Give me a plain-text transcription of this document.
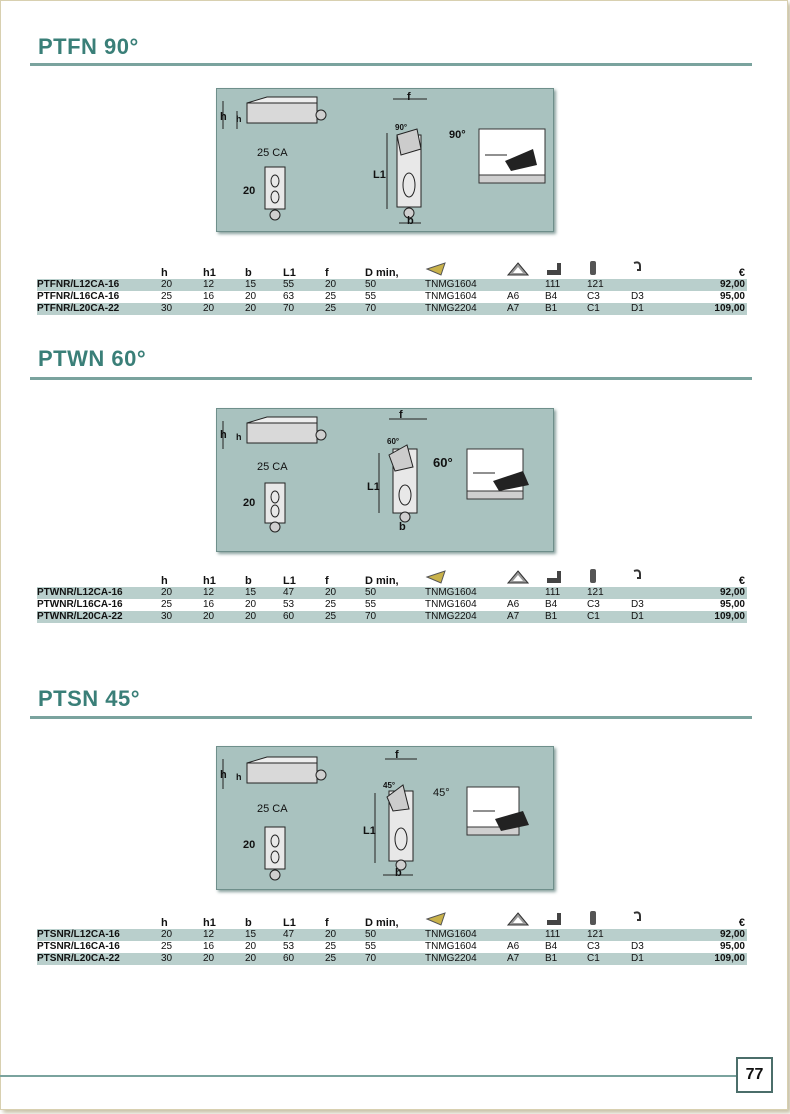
PTFN 90°
25 CA
90°
90°
h h
20
L1
f
b
	h	h1	b	L1	f	D min,						€
PTFNR/L12CA-16	20	12	15	55	20	50	TNMG1604		111	121		92,00
PTFNR/L16CA-16	25	16	20	63	25	55	TNMG1604	A6	B4	C3	D3	95,00
PTFNR/L20CA-22	30	20	20	70	25	70	TNMG2204	A7	B1	C1	D1	109,00
PTWN 60°
25 CA	60°
60°
h h
20
L1
f
b
	h	h1	b	L1	f	D min,						€
PTWNR/L12CA-16	20	12	15	47	20	50	TNMG1604		111	121		92,00
PTWNR/L16CA-16	25	16	20	53	25	55	TNMG1604	A6	B4	C3	D3	95,00
PTWNR/L20CA-22	30	20	20	60	25	70	TNMG2204	A7	B1	C1	D1	109,00
PTSN 45°
25 CA
45°
45°
h h
20
L1
f
b
	h	h1	b	L1	f	D min,						€
PTSNR/L12CA-16	20	12	15	47	20	50	TNMG1604		111	121		92,00
PTSNR/L16CA-16	25	16	20	53	25	55	TNMG1604	A6	B4	C3	D3	95,00
PTSNR/L20CA-22	30	20	20	60	25	70	TNMG2204	A7	B1	C1	D1	109,00
77
